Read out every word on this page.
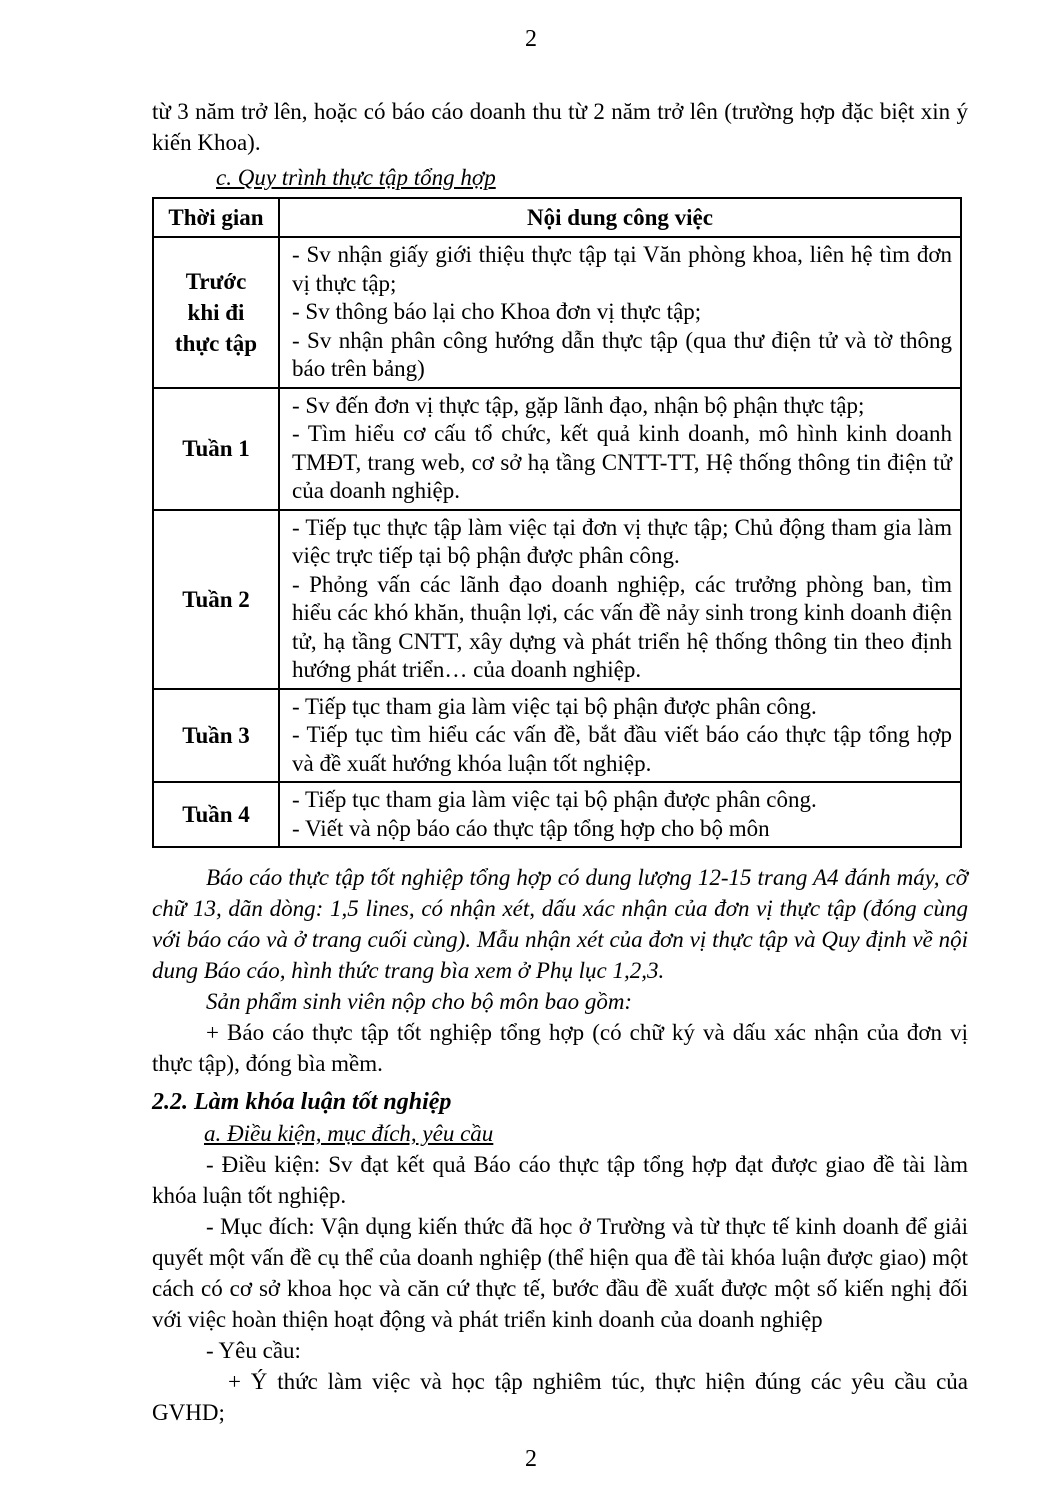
2

từ 3 năm trở lên, hoặc có báo cáo doanh thu từ 2 năm trở lên (trường hợp đặc biệt xin ý kiến Khoa).

c. Quy trình thực tập tổng hợp

Thời gian	Nội dung công việc
Trước khi đi thực tập	- Sv nhận giấy giới thiệu thực tập tại Văn phòng khoa, liên hệ tìm đơn vị thực tập;

- Sv thông báo lại cho Khoa đơn vị thực tập;

- Sv nhận phân công hướng dẫn thực tập (qua thư điện tử và tờ thông báo trên bảng)

Tuần 1	- Sv đến đơn vị thực tập, gặp lãnh đạo, nhận bộ phận thực tập;

- Tìm hiểu cơ cấu tổ chức, kết quả kinh doanh, mô hình kinh doanh TMĐT, trang web, cơ sở hạ tầng CNTT-TT, Hệ thống thông tin điện tử của doanh nghiệp.

Tuần 2	- Tiếp tục thực tập làm việc tại đơn vị thực tập; Chủ động tham gia làm việc trực tiếp tại bộ phận được phân công.

- Phỏng vấn các lãnh đạo doanh nghiệp, các trưởng phòng ban, tìm hiểu các khó khăn, thuận lợi, các vấn đề nảy sinh trong kinh doanh điện tử, hạ tầng CNTT, xây dựng và phát triển hệ thống thông tin theo định hướng phát triển… của doanh nghiệp.

Tuần 3	- Tiếp tục tham gia làm việc tại bộ phận được phân công.

- Tiếp tục tìm hiểu các vấn đề, bắt đầu viết báo cáo thực tập tổng hợp và đề xuất hướng khóa luận tốt nghiệp.

Tuần 4	- Tiếp tục tham gia làm việc tại bộ phận được phân công.

- Viết và nộp báo cáo thực tập tổng hợp cho bộ môn

Báo cáo thực tập tốt nghiệp tổng hợp có dung lượng 12-15 trang A4 đánh máy, cỡ chữ 13, dãn dòng: 1,5 lines, có nhận xét, dấu xác nhận của đơn vị thực tập (đóng cùng với báo cáo và ở trang cuối cùng). Mẫu nhận xét của đơn vị thực tập và Quy định về nội dung Báo cáo, hình thức trang bìa xem ở Phụ lục 1,2,3.

Sản phẩm sinh viên nộp cho bộ môn bao gồm:

+ Báo cáo thực tập tốt nghiệp tổng hợp (có chữ ký và dấu xác nhận của đơn vị thực tập), đóng bìa mềm.

2.2. Làm khóa luận tốt nghiệp

a. Điều kiện, mục đích, yêu cầu

- Điều kiện: Sv đạt kết quả Báo cáo thực tập tổng hợp đạt được giao đề tài làm khóa luận tốt nghiệp.

- Mục đích: Vận dụng kiến thức đã học ở Trường và từ thực tế kinh doanh để giải quyết một vấn đề cụ thể của doanh nghiệp (thể hiện qua đề tài khóa luận được giao) một cách có cơ sở khoa học và căn cứ thực tế, bước đầu đề xuất được một số kiến nghị đối với việc hoàn thiện hoạt động và phát triển kinh doanh của doanh nghiệp

- Yêu cầu:

+ Ý thức làm việc và học tập nghiêm túc, thực hiện đúng các yêu cầu của GVHD;

2
